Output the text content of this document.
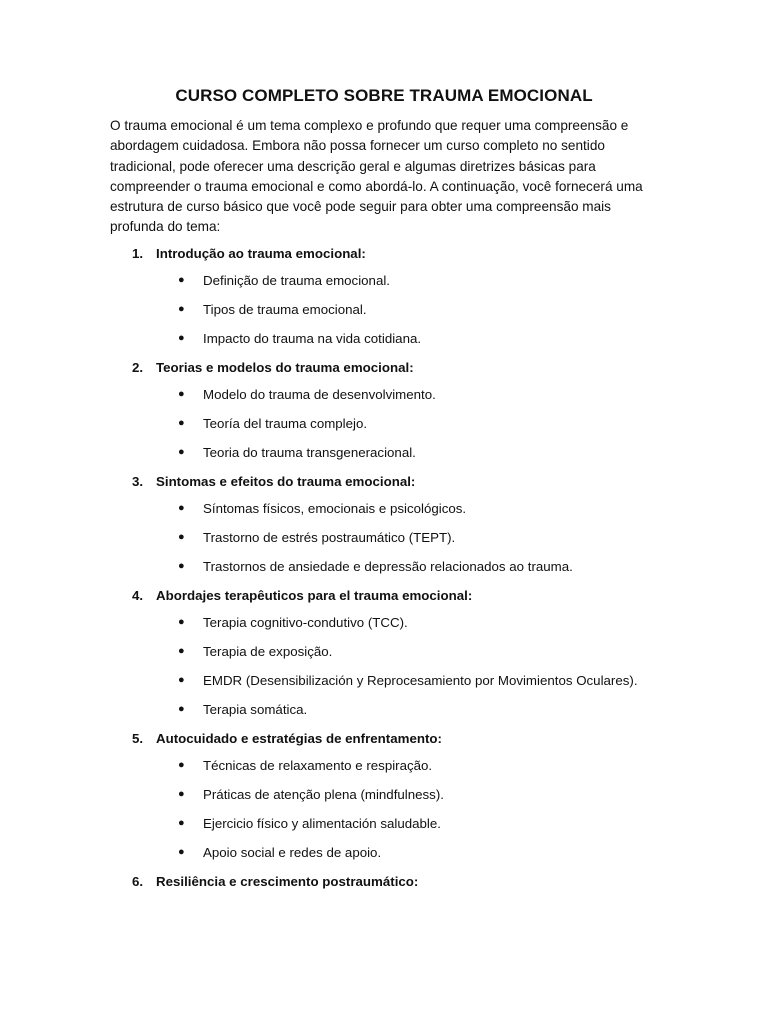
CURSO COMPLETO SOBRE TRAUMA EMOCIONAL

O trauma emocional é um tema complexo e profundo que requer uma compreensão e abordagem cuidadosa. Embora não possa fornecer um curso completo no sentido tradicional, pode oferecer uma descrição geral e algumas diretrizes básicas para compreender o trauma emocional e como abordá-lo. A continuação, você fornecerá uma estrutura de curso básico que você pode seguir para obter uma compreensão mais profunda do tema:

1. Introdução ao trauma emocional:
● Definição de trauma emocional.
● Tipos de trauma emocional.
● Impacto do trauma na vida cotidiana.
2. Teorias e modelos do trauma emocional:
● Modelo do trauma de desenvolvimento.
● Teoría del trauma complejo.
● Teoria do trauma transgeneracional.
3. Sintomas e efeitos do trauma emocional:
● Síntomas físicos, emocionais e psicológicos.
● Trastorno de estrés postraumático (TEPT).
● Trastornos de ansiedade e depressão relacionados ao trauma.
4. Abordajes terapêuticos para el trauma emocional:
● Terapia cognitivo-condutivo (TCC).
● Terapia de exposição.
● EMDR (Desensibilización y Reprocesamiento por Movimientos Oculares).
● Terapia somática.
5. Autocuidado e estratégias de enfrentamento:
● Técnicas de relaxamento e respiração.
● Práticas de atenção plena (mindfulness).
● Ejercicio físico y alimentación saludable.
● Apoio social e redes de apoio.
6. Resiliência e crescimento postraumático:
